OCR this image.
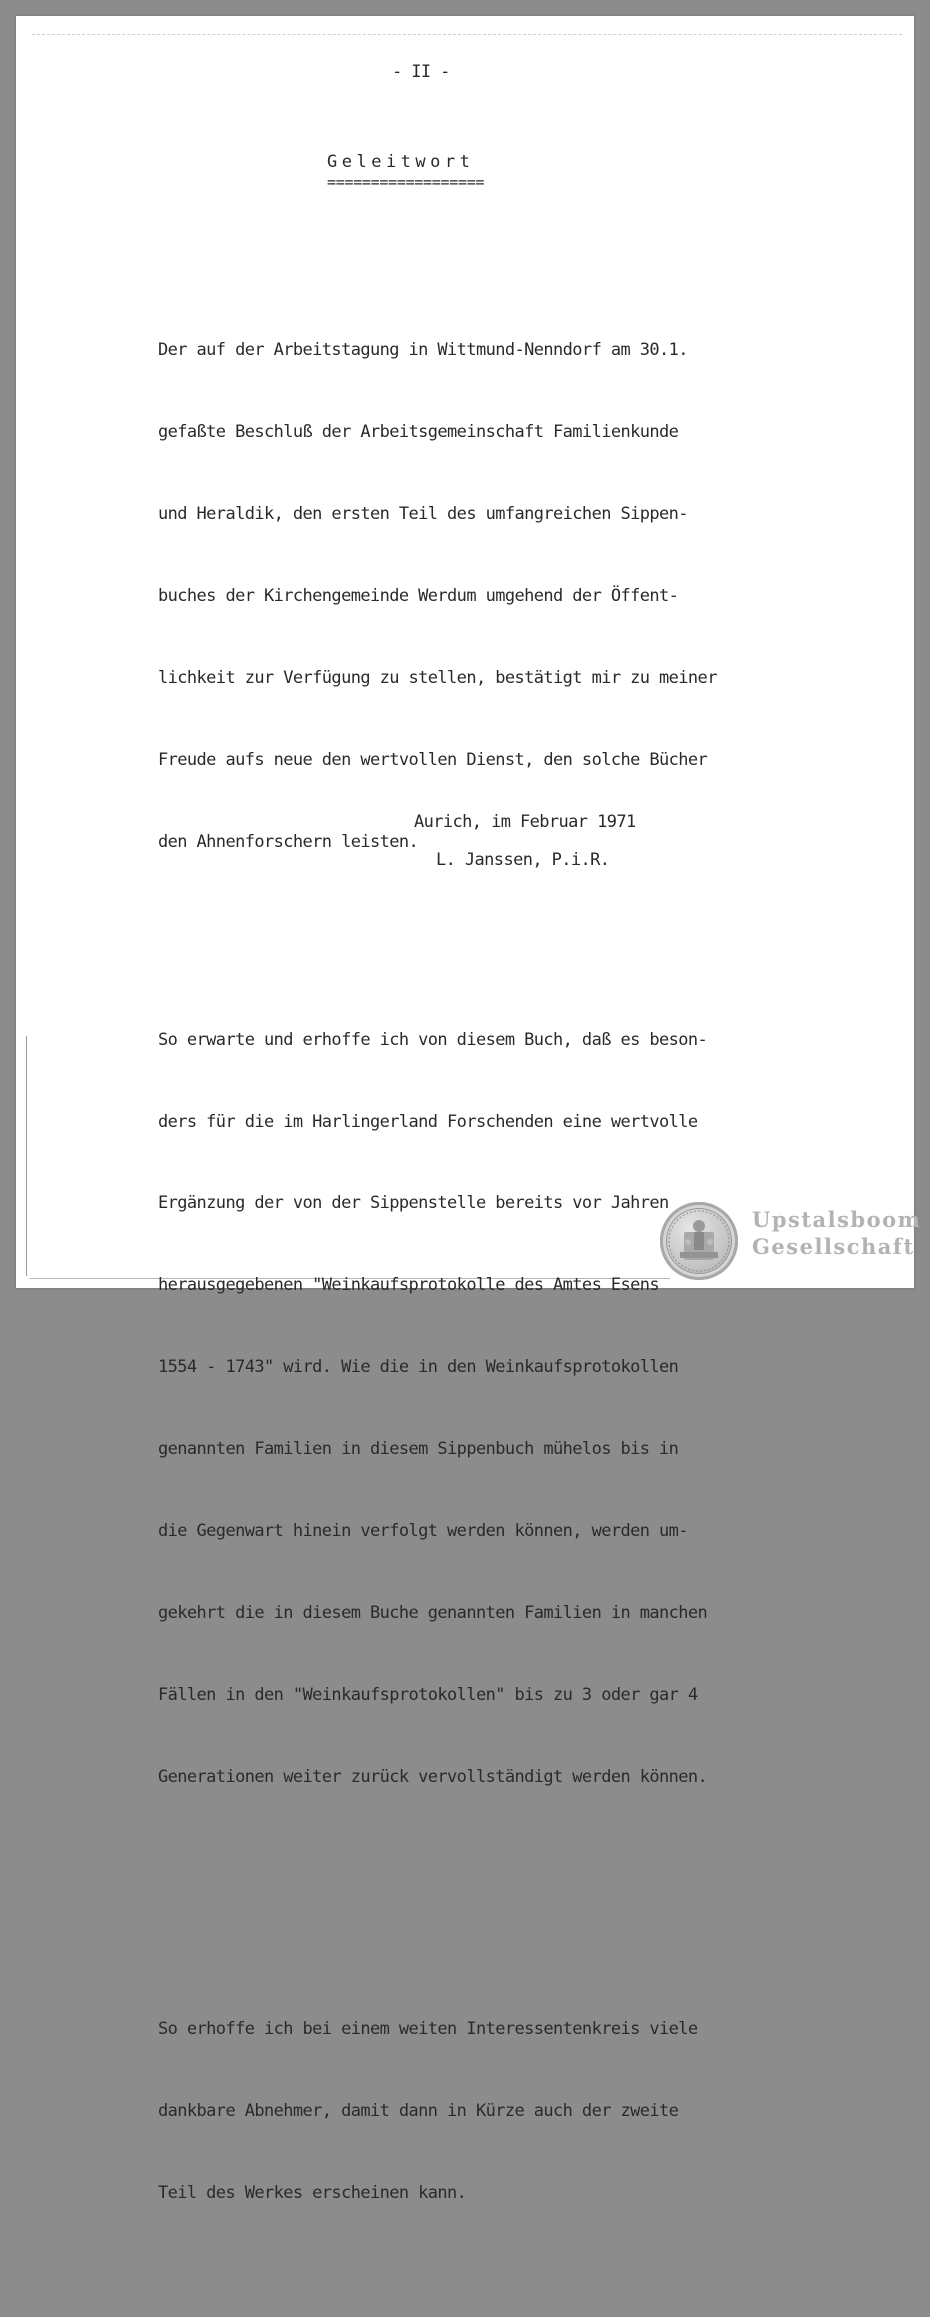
- II -
Geleitwort
==================

Der auf der Arbeitstagung in Wittmund-Nenndorf am 30.1.

gefaßte Beschluß der Arbeitsgemeinschaft Familienkunde

und Heraldik, den ersten Teil des umfangreichen Sippen-

buches der Kirchengemeinde Werdum umgehend der Öffent-

lichkeit zur Verfügung zu stellen, bestätigt mir zu meiner

Freude aufs neue den wertvollen Dienst, den solche Bücher

den Ahnenforschern leisten.

So erwarte und erhoffe ich von diesem Buch, daß es beson-

ders für die im Harlingerland Forschenden eine wertvolle

Ergänzung der von der Sippenstelle bereits vor Jahren

herausgegebenen "Weinkaufsprotokolle des Amtes Esens

1554 - 1743" wird. Wie die in den Weinkaufsprotokollen

genannten Familien in diesem Sippenbuch mühelos bis in

die Gegenwart hinein verfolgt werden können, werden um-

gekehrt die in diesem Buche genannten Familien in manchen

Fällen in den "Weinkaufsprotokollen" bis zu 3 oder gar 4

Generationen weiter zurück vervollständigt werden können.

So erhoffe ich bei einem weiten Interessentenkreis viele

dankbare Abnehmer, damit dann in Kürze auch der zweite

Teil des Werkes erscheinen kann.

Aurich, im Februar 1971
L. Janssen, P.i.R.
Upstalsboom
Gesellschaft
